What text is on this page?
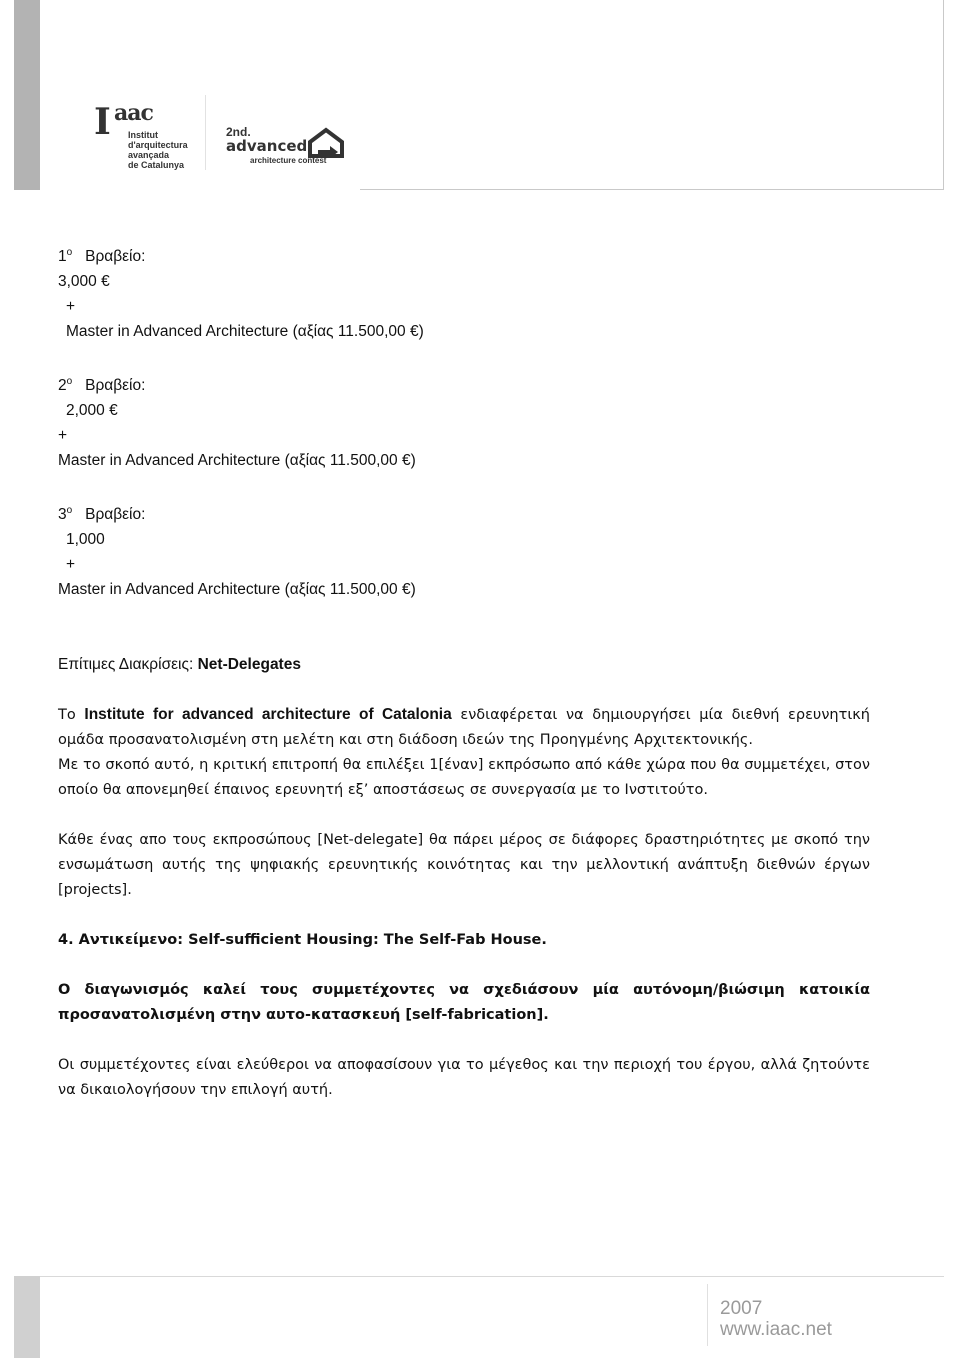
I aac
Institut
d'arquitectura
avançada
de Catalunya
2nd.
advanced
architecture contest

1$^o$ Βραβείο:

3,000 €

+

Master in Advanced Architecture (αξίας 11.500,00 €)

2$^o$ Βραβείο:

2,000 €

+

Master in Advanced Architecture (αξίας 11.500,00 €)

3$^o$ Βραβείο:

1,000

+

Master in Advanced Architecture (αξίας 11.500,00 €)

Επίτιμες Διακρίσεις: Net-Delegates

Το Institute for advanced architecture of Catalonia ενδιαφέρεται να δημιουργήσει μία διεθνή ερευνητική ομάδα προσανατολισμένη στη μελέτη και στη διάδοση ιδεών της Προηγμένης Αρχιτεκτονικής.

Με το σκοπό αυτό, η κριτική επιτροπή θα επιλέξει 1[έναν] εκπρόσωπο από κάθε χώρα που θα συμμετέχει, στον οποίο θα απονεμηθεί έπαινος ερευνητή εξ’ αποστάσεως σε συνεργασία με το Ινστιτούτο.

Κάθε ένας απο τους εκπροσώπους [Net-delegate] θα πάρει μέρος σε διάφορες δραστηριότητες με σκοπό την ενσωμάτωση αυτής της ψηφιακής ερευνητικής κοινότητας και την μελλοντική ανάπτυξη διεθνών έργων [projects].

4. Αντικείμενο: Self-sufficient Housing: The Self-Fab House.

Ο διαγωνισμός καλεί τους συμμετέχοντες να σχεδιάσουν μία αυτόνομη/βιώσιμη κατοικία προσανατολισμένη στην αυτο-κατασκευή [self-fabrication].

Οι συμμετέχοντες είναι ελεύθεροι να αποφασίσουν για το μέγεθος και την περιοχή του έργου, αλλά ζητούντε να δικαιολογήσουν την επιλογή αυτή.

2007
www.iaac.net
